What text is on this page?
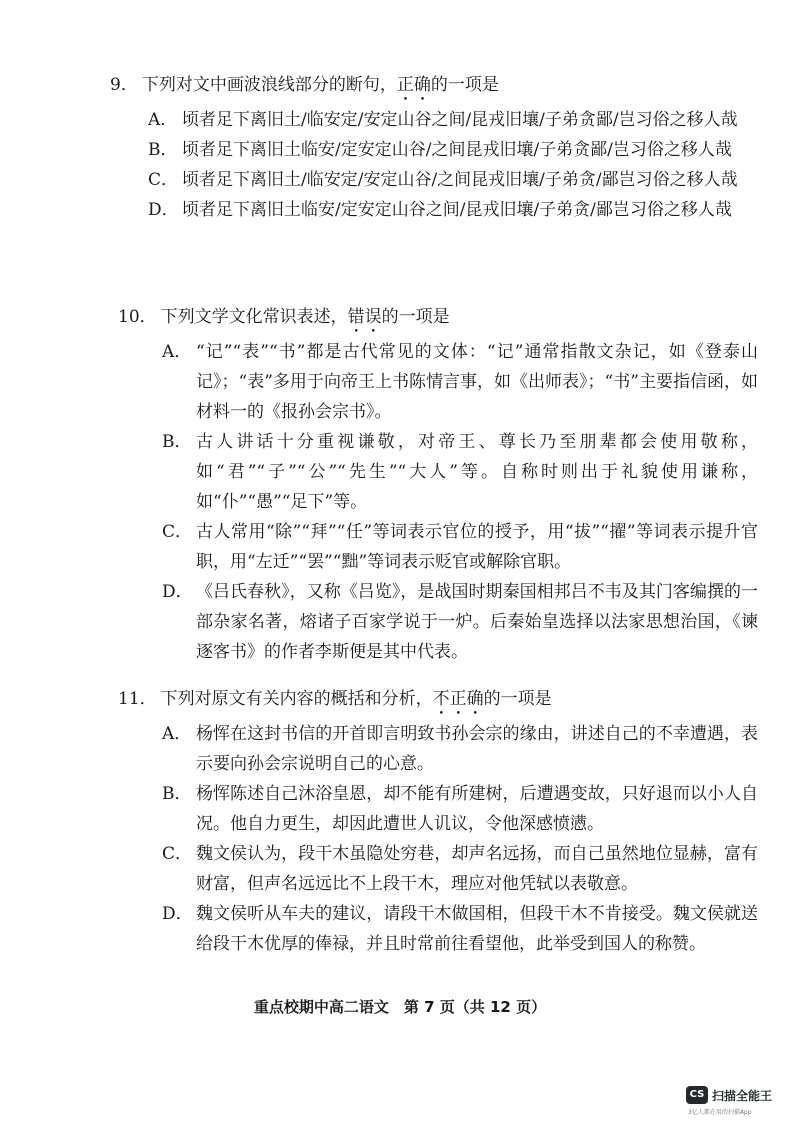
9． 下列对文中画波浪线部分的断句，正确的一项是
A． 顷者足下离旧土/临安定/安定山谷之间/昆戎旧壤/子弟贪鄙/岂习俗之移人哉
B． 顷者足下离旧土临安/定安定山谷/之间昆戎旧壤/子弟贪鄙/岂习俗之移人哉
C． 顷者足下离旧土/临安定/安定山谷/之间昆戎旧壤/子弟贪/鄙岂习俗之移人哉
D． 顷者足下离旧土临安/定安定山谷之间/昆戎旧壤/子弟贪/鄙岂习俗之移人哉
10． 下列文学文化常识表述，错误的一项是
A． “记”“表”“书”都是古代常见的文体：“记”通常指散文杂记，如《登泰山记》；“表”多用于向帝王上书陈情言事，如《出师表》；“书”主要指信函，如材料一的《报孙会宗书》。
B． 古人讲话十分重视谦敬，对帝王、尊长乃至朋辈都会使用敬称，如“君”“子”“公”“先生”“大人”等。自称时则出于礼貌使用谦称，如“仆”“愚”“足下”等。
C． 古人常用“除”“拜”“任”等词表示官位的授予，用“拔”“擢”等词表示提升官职，用“左迁”“罢”“黜”等词表示贬官或解除官职。
D． 《吕氏春秋》，又称《吕览》，是战国时期秦国相邦吕不韦及其门客编撰的一部杂家名著，熔诸子百家学说于一炉。后秦始皇选择以法家思想治国，《谏逐客书》的作者李斯便是其中代表。
11． 下列对原文有关内容的概括和分析，不正确的一项是
A． 杨恽在这封书信的开首即言明致书孙会宗的缘由，讲述自己的不幸遭遇，表示要向孙会宗说明自己的心意。
B． 杨恽陈述自己沐浴皇恩，却不能有所建树，后遭遇变故，只好退而以小人自况。他自力更生，却因此遭世人讥议，令他深感愤懑。
C． 魏文侯认为，段干木虽隐处穷巷，却声名远扬，而自己虽然地位显赫，富有财富，但声名远远比不上段干木，理应对他凭轼以表敬意。
D． 魏文侯听从车夫的建议，请段干木做国相，但段干木不肯接受。魏文侯就送给段干木优厚的俸禄，并且时常前往看望他，此举受到国人的称赞。
重点校期中高二语文　第 7 页（共 12 页）
CS 扫描全能王
3亿人都在用的扫描App
